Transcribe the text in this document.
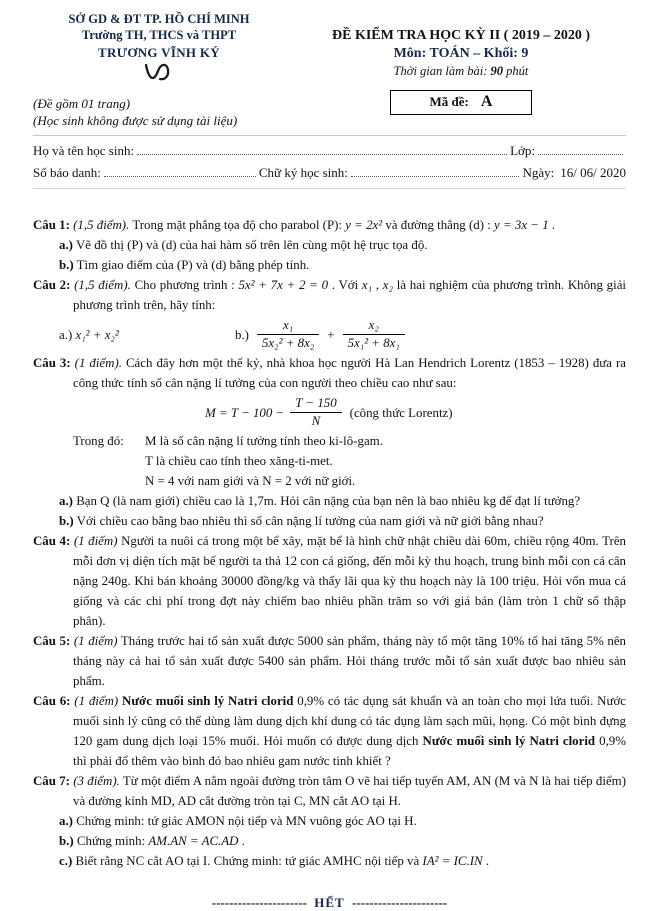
SỞ GD & ĐT TP. HỒ CHÍ MINH
Trường TH, THCS và THPT
TRƯƠNG VĨNH KÝ
(Đề gồm 01 trang)
(Học sinh không được sử dụng tài liệu)
ĐỀ KIỂM TRA HỌC KỲ II ( 2019 – 2020 )
Môn: TOÁN – Khối: 9
Thời gian làm bài: 90 phút
Mã đề: A
Họ và tên học sinh:	Lớp:
Số báo danh:	Chữ ký học sinh:	Ngày: 16/ 06/ 2020

Câu 1: (1,5 điểm). Trong mặt phẳng tọa độ cho parabol (P): y = 2x² và đường thẳng (d) : y = 3x − 1 .

a.) Vẽ đồ thị (P) và (d) của hai hàm số trên lên cùng một hệ trục tọa độ.

b.) Tìm giao điểm của (P) và (d) bằng phép tính.

Câu 2: (1,5 điểm). Cho phương trình : 5x² + 7x + 2 = 0 . Với x₁ , x₂ là hai nghiệm của phương trình. Không giải phương trình trên, hãy tính:

a.) x₁² + x₂²	$b.) \frac{\text{x₁}}{\text{5x₂² + 8x₂}} + \frac{\text{x₂}}{\text{5x₁² + 8x₁}}$

Câu 3: (1 điểm). Cách đây hơn một thế kỷ, nhà khoa học người Hà Lan Hendrich Lorentz (1853 – 1928) đưa ra công thức tính số cân nặng lí tưởng của con người theo chiều cao như sau:

$M = T - 100 - \frac{T - 150}{N}$ (công thức Lorentz)
Trong đó:	M là số cân nặng lí tưởng tính theo ki-lô-gam.

T là chiều cao tính theo xăng-ti-met.

N = 4 với nam giới và N = 2 với nữ giới.

a.) Bạn Q (là nam giới) chiều cao là 1,7m. Hỏi cân nặng của bạn nên là bao nhiêu kg để đạt lí tưởng?

b.) Với chiều cao bằng bao nhiêu thì số cân nặng lí tưởng của nam giới và nữ giới bằng nhau?

Câu 4: (1 điểm) Người ta nuôi cá trong một bể xây, mặt bể là hình chữ nhật chiều dài 60m, chiều rộng 40m. Trên mỗi đơn vị diện tích mặt bể người ta thả 12 con cá giống, đến mỗi kỳ thu hoạch, trung bình mỗi con cá cân nặng 240g. Khi bán khoảng 30000 đồng/kg và thấy lãi qua kỳ thu hoạch này là 100 triệu. Hỏi vốn mua cá giống và các chi phí trong đợt này chiếm bao nhiêu phần trăm so với giá bán (làm tròn 1 chữ số thập phân).

Câu 5: (1 điểm) Tháng trước hai tổ sản xuất được 5000 sản phẩm, tháng này tổ một tăng 10% tổ hai tăng 5% nên tháng này cả hai tổ sản xuất được 5400 sản phẩm. Hỏi tháng trước mỗi tổ sản xuất được bao nhiêu sản phẩm.

Câu 6: (1 điểm) Nước muối sinh lý Natri clorid 0,9% có tác dụng sát khuẩn và an toàn cho mọi lứa tuổi. Nước muối sinh lý cũng có thể dùng làm dung dịch khí dung có tác dụng làm sạch mũi, họng. Có một bình đựng 120 gam dung dịch loại 15% muối. Hỏi muốn có được dung dịch Nước muối sinh lý Natri clorid 0,9% thì phải đổ thêm vào bình đó bao nhiêu gam nước tinh khiết ?

Câu 7: (3 điểm). Từ một điểm A nằm ngoài đường tròn tâm O vẽ hai tiếp tuyến AM, AN (M và N là hai tiếp điểm) và đường kính MD, AD cắt đường tròn tại C, MN cắt AO tại H.

a.) Chứng minh: tứ giác AMON nội tiếp và MN vuông góc AO tại H.

b.) Chứng minh: AM.AN = AC.AD .

c.) Biết rằng NC cắt AO tại I. Chứng minh: tứ giác AMHC nội tiếp và IA² = IC.IN .

---------------------- HẾT ----------------------
